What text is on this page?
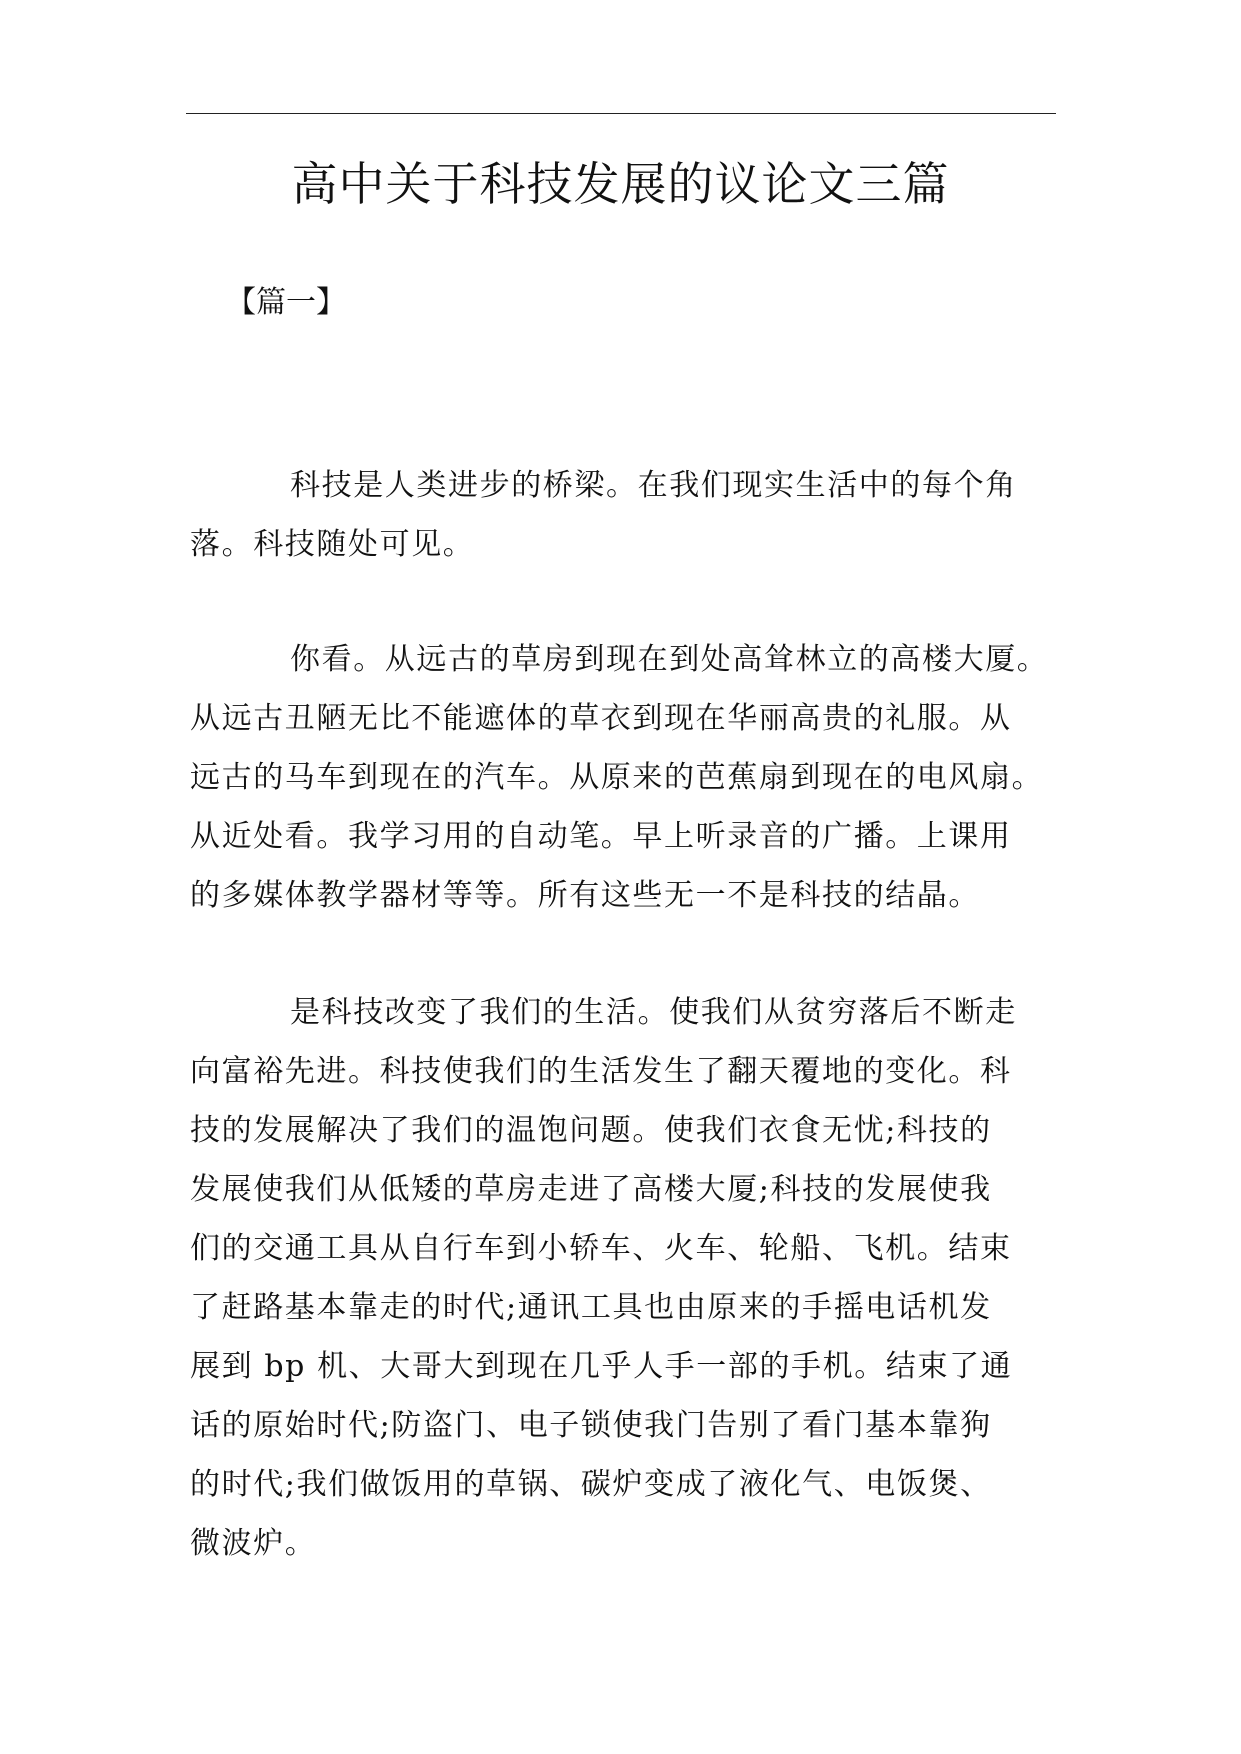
高中关于科技发展的议论文三篇

【篇一】

科技是人类进步的桥梁。在我们现实生活中的每个角
落。科技随处可见。

你看。从远古的草房到现在到处高耸林立的高楼大厦。
从远古丑陋无比不能遮体的草衣到现在华丽高贵的礼服。从
远古的马车到现在的汽车。从原来的芭蕉扇到现在的电风扇。
从近处看。我学习用的自动笔。早上听录音的广播。上课用
的多媒体教学器材等等。所有这些无一不是科技的结晶。

是科技改变了我们的生活。使我们从贫穷落后不断走
向富裕先进。科技使我们的生活发生了翻天覆地的变化。科
技的发展解决了我们的温饱问题。使我们衣食无忧;科技的
发展使我们从低矮的草房走进了高楼大厦;科技的发展使我
们的交通工具从自行车到小轿车、火车、轮船、飞机。结束
了赶路基本靠走的时代;通讯工具也由原来的手摇电话机发
展到 bp 机、大哥大到现在几乎人手一部的手机。结束了通
话的原始时代;防盗门、电子锁使我门告别了看门基本靠狗
的时代;我们做饭用的草锅、碳炉变成了液化气、电饭煲、
微波炉。
